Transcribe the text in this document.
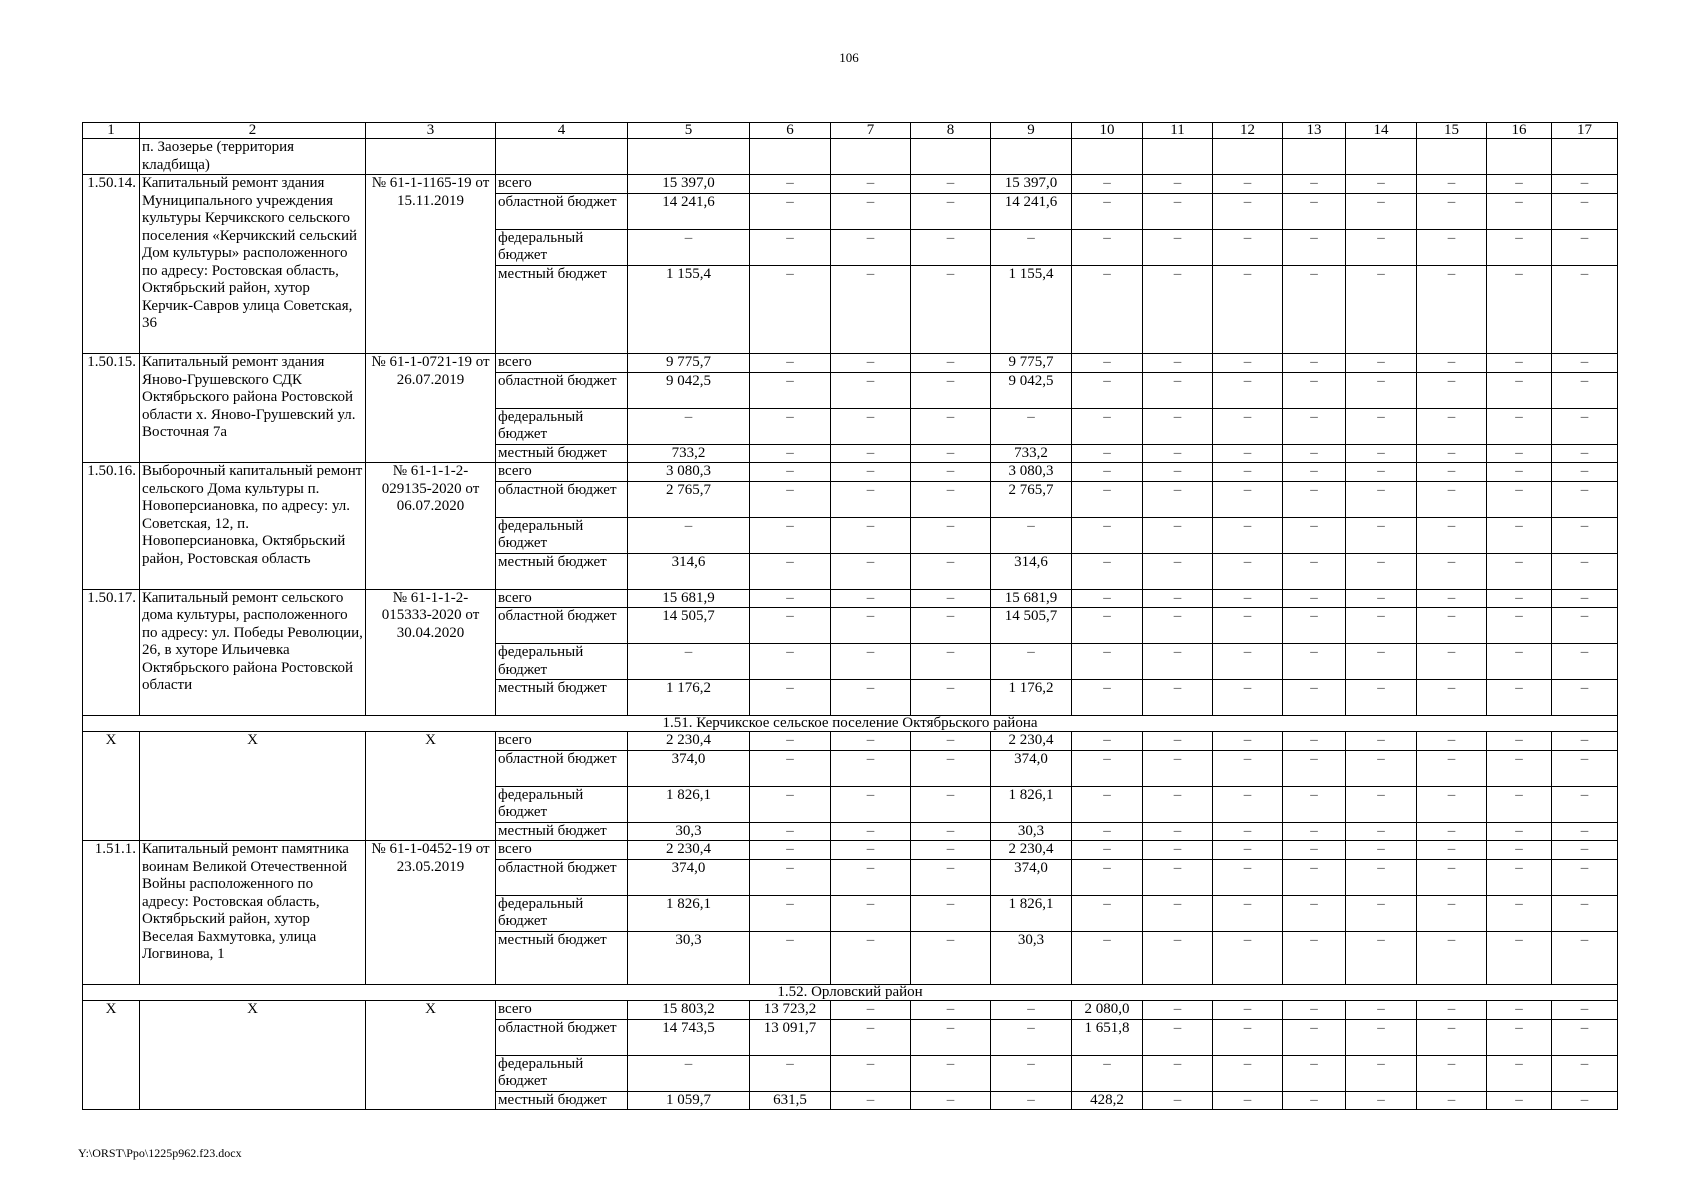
106
1	2	3	4	5	6	7	8	9	10	11	12	13	14	15	16	17
	п. Заозерье (территория кладбища)															
1.50.14.	Капитальный ремонт здания Муниципального учреждения культуры Керчикского сельского поселения «Керчикский сельский Дом культуры» расположенного по адресу: Ростовская область, Октябрьский район, хутор Керчик-Савров улица Советская, 36	№ 61-1-1165-19 от 15.11.2019	всего	15 397,0	–	–	–	15 397,0	–	–	–	–	–	–	–	–
			областной бюджет	14 241,6	–	–	–	14 241,6	–	–	–	–	–	–	–	–
			федеральный бюджет	–	–	–	–	–	–	–	–	–	–	–	–	–
			местный бюджет	1 155,4	–	–	–	1 155,4	–	–	–	–	–	–	–	–
1.50.15.	Капитальный ремонт здания Яново-Грушевского СДК Октябрьского района Ростовской области х. Яново-Грушевский ул. Восточная 7а	№ 61-1-0721-19 от 26.07.2019	всего	9 775,7	–	–	–	9 775,7	–	–	–	–	–	–	–	–
			областной бюджет	9 042,5	–	–	–	9 042,5	–	–	–	–	–	–	–	–
			федеральный бюджет	–	–	–	–	–	–	–	–	–	–	–	–	–
			местный бюджет	733,2	–	–	–	733,2	–	–	–	–	–	–	–	–
1.50.16.	Выборочный капитальный ремонт сельского Дома культуры п. Новоперсиановка, по адресу: ул. Советская, 12, п. Новоперсиановка, Октябрьский район, Ростовская область	№ 61-1-1-2-029135-2020 от 06.07.2020	всего	3 080,3	–	–	–	3 080,3	–	–	–	–	–	–	–	–
			областной бюджет	2 765,7	–	–	–	2 765,7	–	–	–	–	–	–	–	–
			федеральный бюджет	–	–	–	–	–	–	–	–	–	–	–	–	–
			местный бюджет	314,6	–	–	–	314,6	–	–	–	–	–	–	–	–
1.50.17.	Капитальный ремонт сельского дома культуры, расположенного по адресу: ул. Победы Революции, 26, в хуторе Ильичевка Октябрьского района Ростовской области	№ 61-1-1-2-015333-2020 от 30.04.2020	всего	15 681,9	–	–	–	15 681,9	–	–	–	–	–	–	–	–
			областной бюджет	14 505,7	–	–	–	14 505,7	–	–	–	–	–	–	–	–
			федеральный бюджет	–	–	–	–	–	–	–	–	–	–	–	–	–
			местный бюджет	1 176,2	–	–	–	1 176,2	–	–	–	–	–	–	–	–
1.51. Керчикское сельское поселение Октябрьского района																
X	X	X	всего	2 230,4	–	–	–	2 230,4	–	–	–	–	–	–	–	–
			областной бюджет	374,0	–	–	–	374,0	–	–	–	–	–	–	–	–
			федеральный бюджет	1 826,1	–	–	–	1 826,1	–	–	–	–	–	–	–	–
			местный бюджет	30,3	–	–	–	30,3	–	–	–	–	–	–	–	–
1.51.1.	Капитальный ремонт памятника воинам Великой Отечественной Войны расположенного по адресу: Ростовская область, Октябрьский район, хутор Веселая Бахмутовка, улица Логвинова, 1	№ 61-1-0452-19 от 23.05.2019	всего	2 230,4	–	–	–	2 230,4	–	–	–	–	–	–	–	–
			областной бюджет	374,0	–	–	–	374,0	–	–	–	–	–	–	–	–
			федеральный бюджет	1 826,1	–	–	–	1 826,1	–	–	–	–	–	–	–	–
			местный бюджет	30,3	–	–	–	30,3	–	–	–	–	–	–	–	–
1.52. Орловский район																
X	X	X	всего	15 803,2	13 723,2	–	–	–	2 080,0	–	–	–	–	–	–	–
			областной бюджет	14 743,5	13 091,7	–	–	–	1 651,8	–	–	–	–	–	–	–
			федеральный бюджет	–	–	–	–	–	–	–	–	–	–	–	–	–
			местный бюджет	1 059,7	631,5	–	–	–	428,2	–	–	–	–	–	–	–
Y:\ORST\Ppo\1225p962.f23.docx
